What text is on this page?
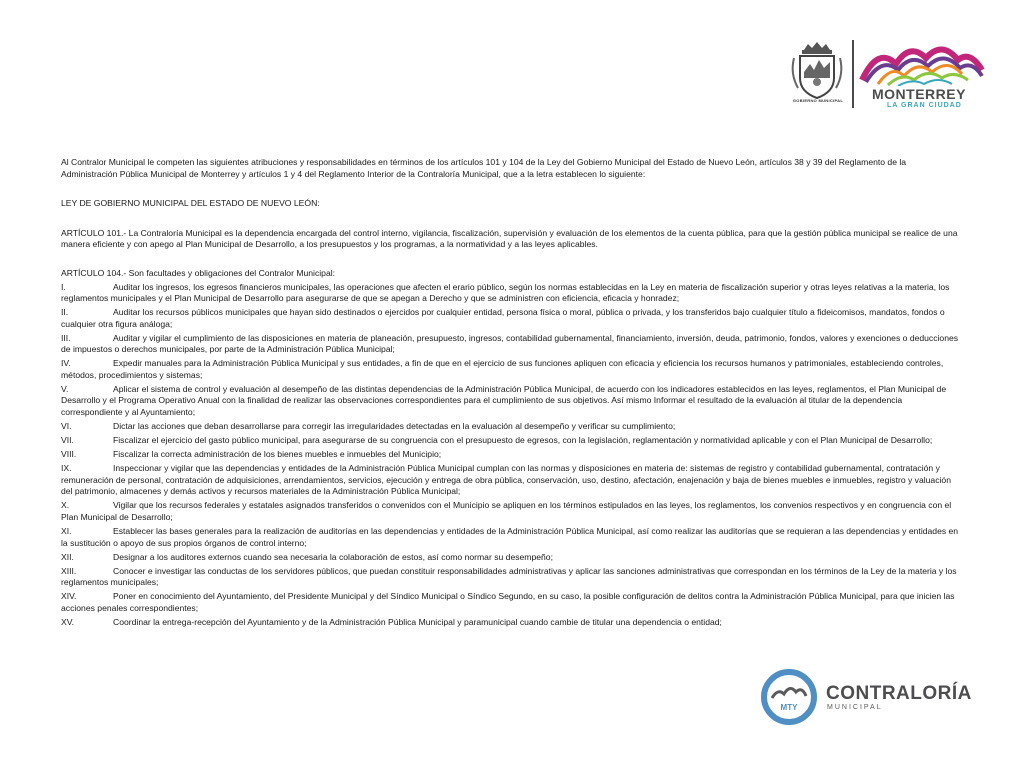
GOBIERNO MUNICIPAL	MONTERREY
LA GRAN CIUDAD

Al Contralor Municipal le competen las siguientes atribuciones y responsabilidades en términos de los artículos 101 y 104 de la Ley del Gobierno Municipal del Estado de Nuevo León, artículos 38 y 39 del Reglamento de la Administración Pública Municipal de Monterrey y artículos 1 y 4 del Reglamento Interior de la Contraloría Municipal, que a la letra establecen lo siguiente:

LEY DE GOBIERNO MUNICIPAL DEL ESTADO DE NUEVO LEÓN:

ARTÍCULO 101.- La Contraloría Municipal es la dependencia encargada del control interno, vigilancia, fiscalización, supervisión y evaluación de los elementos de la cuenta pública, para que la gestión pública municipal se realice de una manera eficiente y con apego al Plan Municipal de Desarrollo, a los presupuestos y los programas, a la normatividad y a las leyes aplicables.

ARTÍCULO 104.- Son facultades y obligaciones del Contralor Municipal:

I.	Auditar los ingresos, los egresos financieros municipales, las operaciones que afecten el erario público, según los normas establecidas en la Ley en materia de fiscalización superior y otras leyes relativas a la materia, los reglamentos municipales y el Plan Municipal de Desarrollo para asegurarse de que se apegan a Derecho y que se administren con eficiencia, eficacia y honradez;
II.	Auditar los recursos públicos municipales que hayan sido destinados o ejercidos por cualquier entidad, persona física o moral, pública o privada, y los transferidos bajo cualquier título a fideicomisos, mandatos, fondos o cualquier otra figura análoga;
III.	Auditar y vigilar el cumplimiento de las disposiciones en materia de planeación, presupuesto, ingresos, contabilidad gubernamental, financiamiento, inversión, deuda, patrimonio, fondos, valores y exenciones o deducciones de impuestos o derechos municipales, por parte de la Administración Pública Municipal;
IV.	Expedir manuales para la Administración Pública Municipal y sus entidades, a fin de que en el ejercicio de sus funciones apliquen con eficacia y eficiencia los recursos humanos y patrimoniales, estableciendo controles, métodos, procedimientos y sistemas;
V.	Aplicar el sistema de control y evaluación al desempeño de las distintas dependencias de la Administración Pública Municipal, de acuerdo con los indicadores establecidos en las leyes, reglamentos, el Plan Municipal de Desarrollo y el Programa Operativo Anual con la finalidad de realizar las observaciones correspondientes para el cumplimiento de sus objetivos. Así mismo Informar el resultado de la evaluación al titular de la dependencia correspondiente y al Ayuntamiento;
VI.	Dictar las acciones que deban desarrollarse para corregir las irregularidades detectadas en la evaluación al desempeño y verificar su cumplimiento;
VII.	Fiscalizar el ejercicio del gasto público municipal, para asegurarse de su congruencia con el presupuesto de egresos, con la legislación, reglamentación y normatividad aplicable y con el Plan Municipal de Desarrollo;
VIII.	Fiscalizar la correcta administración de los bienes muebles e inmuebles del Municipio;
IX.	Inspeccionar y vigilar que las dependencias y entidades de la Administración Pública Municipal cumplan con las normas y disposiciones en materia de: sistemas de registro y contabilidad gubernamental, contratación y remuneración de personal, contratación de adquisiciones, arrendamientos, servicios, ejecución y entrega de obra pública, conservación, uso, destino, afectación, enajenación y baja de bienes muebles e inmuebles, registro y valuación del patrimonio, almacenes y demás activos y recursos materiales de la Administración Pública Municipal;
X.	Vigilar que los recursos federales y estatales asignados transferidos o convenidos con el Municipio se apliquen en los términos estipulados en las leyes, los reglamentos, los convenios respectivos y en congruencia con el Plan Municipal de Desarrollo;
XI.	Establecer las bases generales para la realización de auditorías en las dependencias y entidades de la Administración Pública Municipal, así como realizar las auditorías que se requieran a las dependencias y entidades en la sustitución o apoyo de sus propios órganos de control interno;
XII.	Designar a los auditores externos cuando sea necesaria la colaboración de estos, así como normar su desempeño;
XIII.	Conocer e investigar las conductas de los servidores públicos, que puedan constituir responsabilidades administrativas y aplicar las sanciones administrativas que correspondan en los términos de la Ley de la materia y los reglamentos municipales;
XIV.	Poner en conocimiento del Ayuntamiento, del Presidente Municipal y del Síndico Municipal o Síndico Segundo, en su caso, la posible configuración de delitos contra la Administración Pública Municipal, para que inicien las acciones penales correspondientes;
XV.	Coordinar la entrega-recepción del Ayuntamiento y de la Administración Pública Municipal y paramunicipal cuando cambie de titular una dependencia o entidad;
MTY
CONTRALORÍA
MUNICIPAL
